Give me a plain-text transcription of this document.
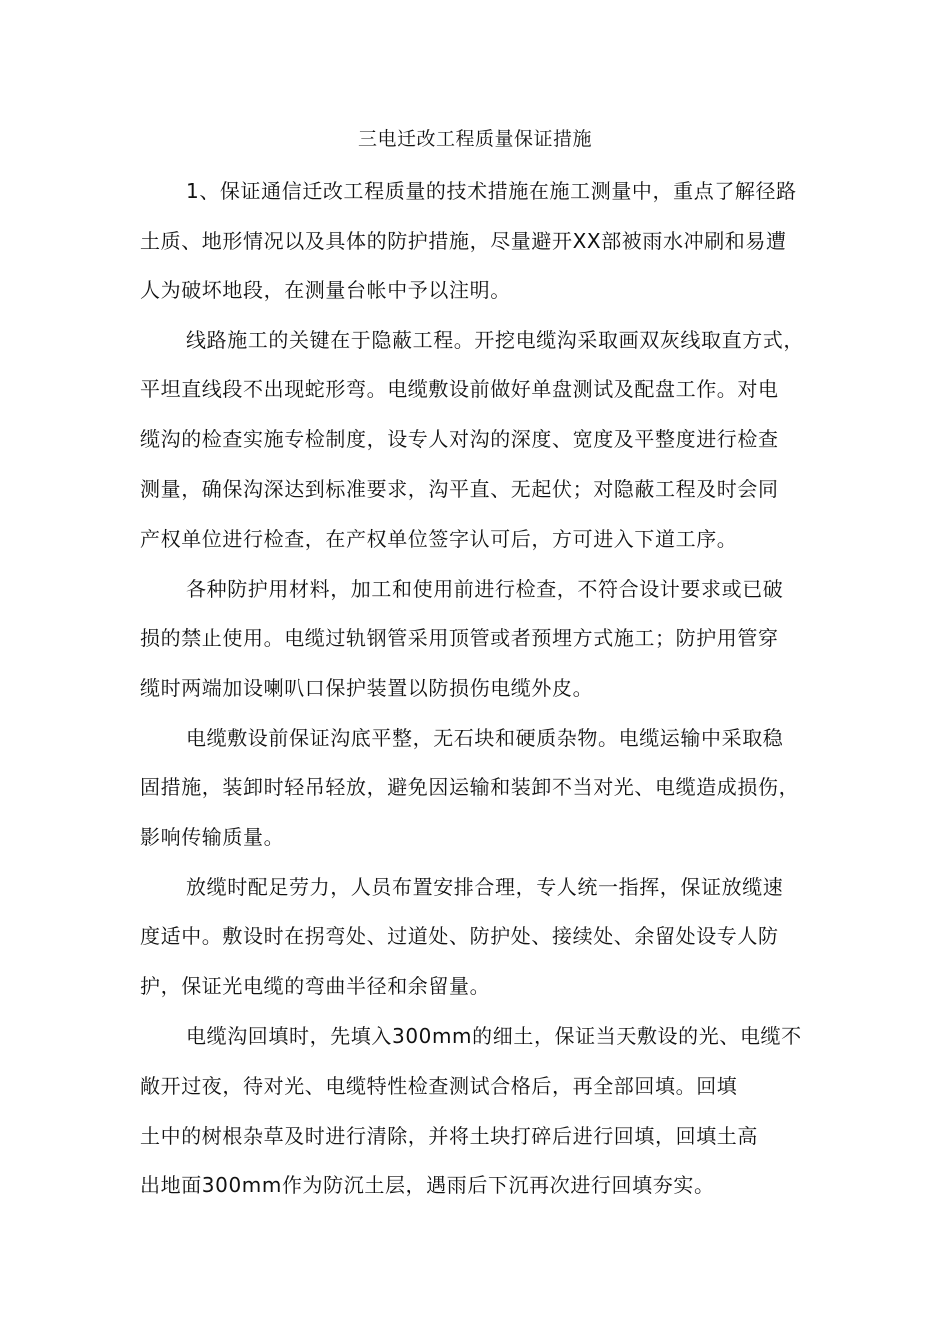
三电迁改工程质量保证措施
1、保证通信迁改工程质量的技术措施在施工测量中，重点了解径路
土质、地形情况以及具体的防护措施，尽量避开XX部被雨水冲刷和易遭
人为破坏地段，在测量台帐中予以注明。
线路施工的关键在于隐蔽工程。开挖电缆沟采取画双灰线取直方式，
平坦直线段不出现蛇形弯。电缆敷设前做好单盘测试及配盘工作。对电
缆沟的检查实施专检制度，设专人对沟的深度、宽度及平整度进行检查
测量，确保沟深达到标准要求，沟平直、无起伏；对隐蔽工程及时会同
产权单位进行检查，在产权单位签字认可后，方可进入下道工序。
各种防护用材料，加工和使用前进行检查，不符合设计要求或已破
损的禁止使用。电缆过轨钢管采用顶管或者预埋方式施工；防护用管穿
缆时两端加设喇叭口保护装置以防损伤电缆外皮。
电缆敷设前保证沟底平整，无石块和硬质杂物。电缆运输中采取稳
固措施，装卸时轻吊轻放，避免因运输和装卸不当对光、电缆造成损伤，
影响传输质量。
放缆时配足劳力，人员布置安排合理，专人统一指挥，保证放缆速
度适中。敷设时在拐弯处、过道处、防护处、接续处、余留处设专人防
护，保证光电缆的弯曲半径和余留量。
电缆沟回填时，先填入300mm的细土，保证当天敷设的光、电缆不
敞开过夜，待对光、电缆特性检查测试合格后，再全部回填。回填
土中的树根杂草及时进行清除，并将土块打碎后进行回填，回填土高
出地面300mm作为防沉土层，遇雨后下沉再次进行回填夯实。
